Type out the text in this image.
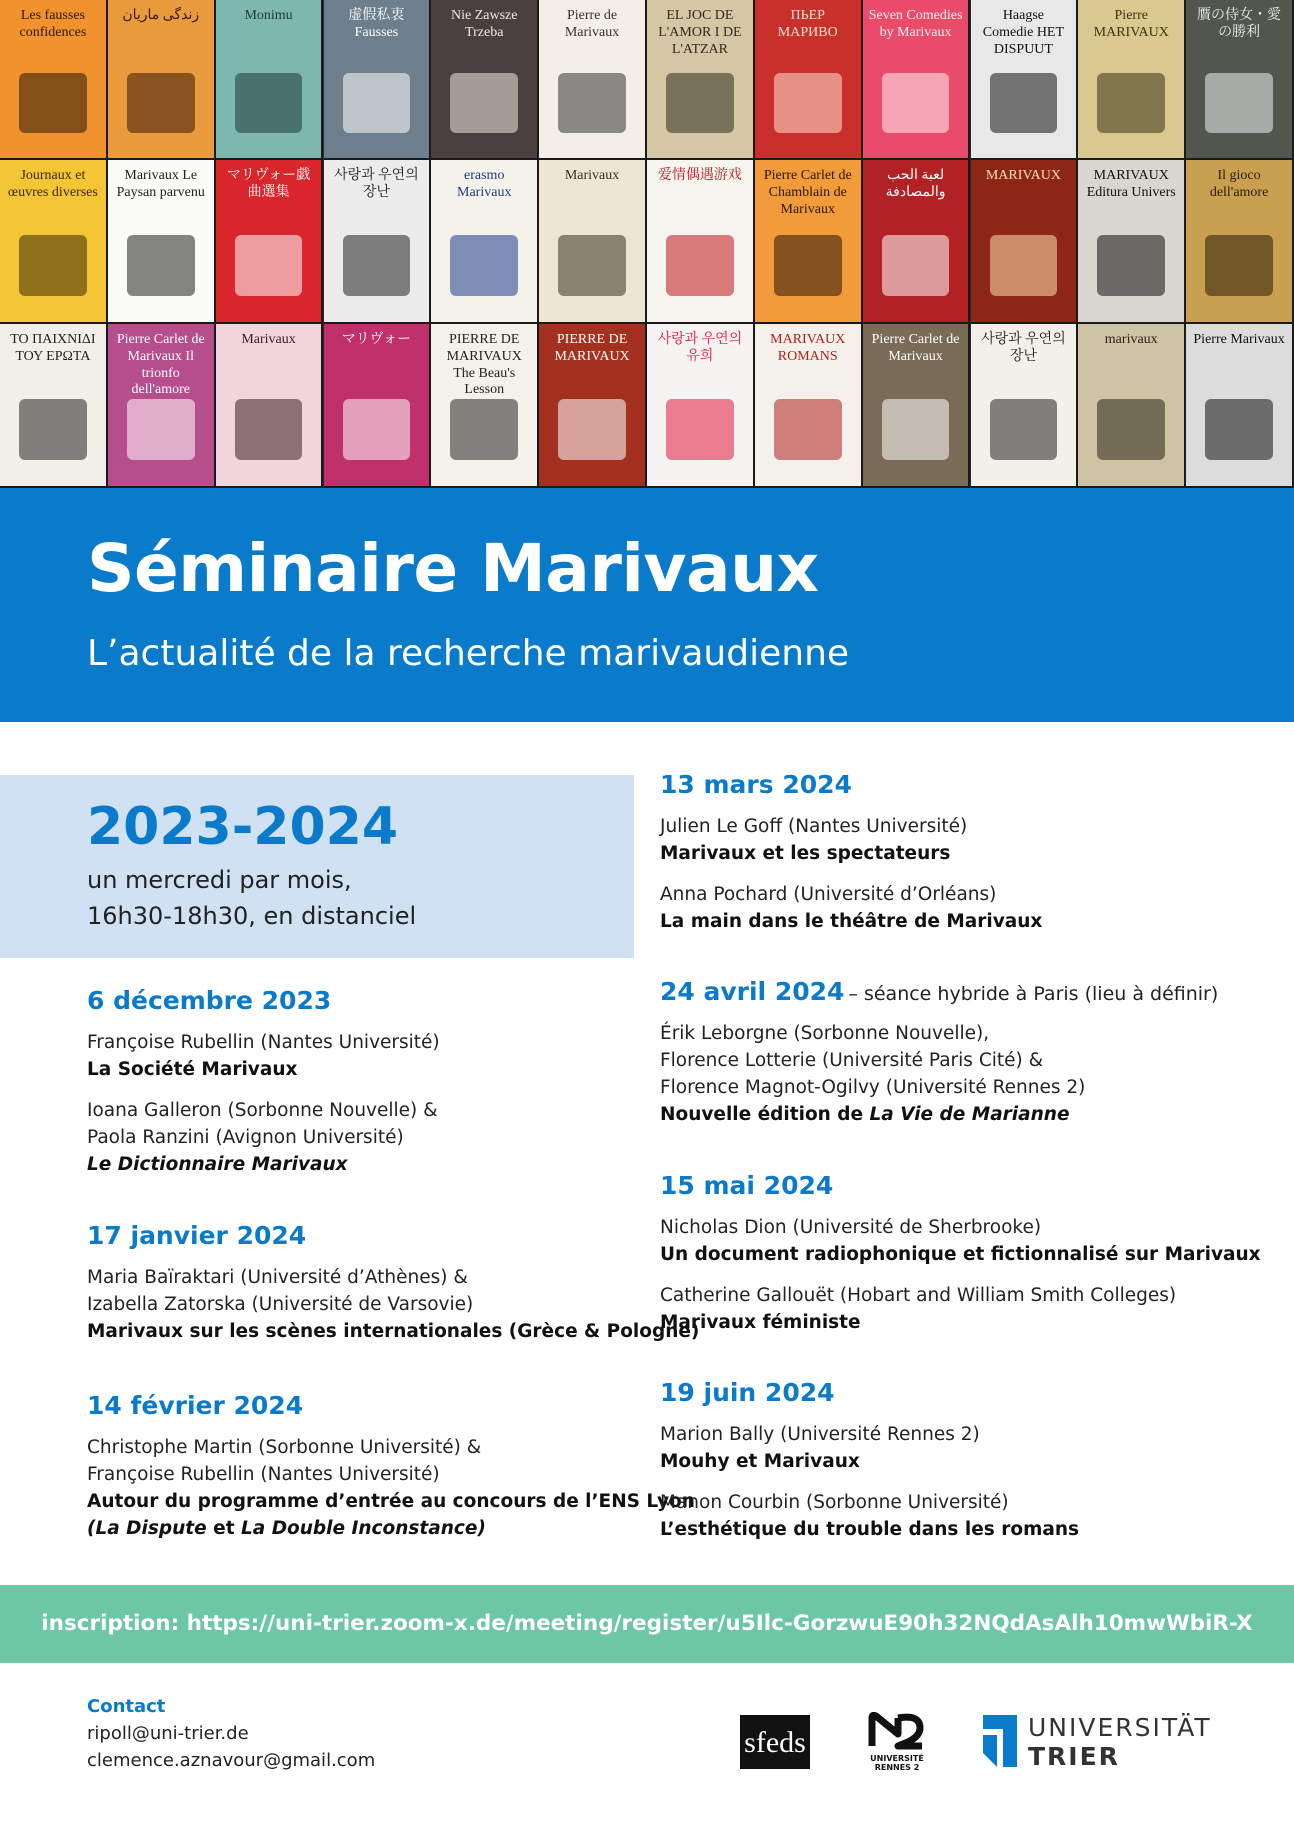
Les fausses confidences
زندگى ماريان	Monimu	虚假私衷 Fausses
Nie Zawsze Trzeba
Pierre de Marivaux
EL JOC DE L'AMOR I DE L'ATZAR
ПЬЕР МАРИВО
Seven Comedies by Marivaux
Haagse Comedie HET DISPUUT
Pierre MARIVAUX
贋の侍女・愛の勝利
Journaux et œuvres diverses
Marivaux Le Paysan parvenu
マリヴォー戯曲選集
사랑과 우연의 장난
erasmo Marivaux
Marivaux	爱情偶遇游戏	Pierre Carlet de Chamblain de Marivaux
لعبة الحب والمصادفة
MARIVAUX	MARIVAUX Editura Univers
Il gioco dell'amore
ΤΟ ΠΑΙΧΝΙΔΙ ΤΟΥ ΕΡΩΤΑ
Pierre Carlet de Marivaux Il trionfo dell'amore
Marivaux	マリヴォー	PIERRE DE MARIVAUX The Beau's Lesson
PIERRE DE MARIVAUX
사랑과 우연의 유희
MARIVAUX ROMANS
Pierre Carlet de Marivaux
사랑과 우연의 장난
marivaux	Pierre Marivaux
Séminaire Marivaux
L’actualité de la recherche marivaudienne
2023-2024
un mercredi par mois,
16h30-18h30, en distanciel
6 décembre 2023
Françoise Rubellin (Nantes Université)
La Société Marivaux
Ioana Galleron (Sorbonne Nouvelle) &
Paola Ranzini (Avignon Université)
Le Dictionnaire Marivaux
17 janvier 2024
Maria Baïraktari (Université d’Athènes) &
Izabella Zatorska (Université de Varsovie)
Marivaux sur les scènes internationales (Grèce & Pologne)
14 février 2024
Christophe Martin (Sorbonne Université) &
Françoise Rubellin (Nantes Université)
Autour du programme d’entrée au concours de l’ENS Lyon
(La Dispute et La Double Inconstance)
13 mars 2024
Julien Le Goff (Nantes Université)
Marivaux et les spectateurs
Anna Pochard (Université d’Orléans)
La main dans le théâtre de Marivaux
24 avril 2024 – séance hybride à Paris (lieu à définir)
Érik Leborgne (Sorbonne Nouvelle),
Florence Lotterie (Université Paris Cité) &
Florence Magnot-Ogilvy (Université Rennes 2)
Nouvelle édition de La Vie de Marianne
15 mai 2024
Nicholas Dion (Université de Sherbrooke)
Un document radiophonique et fictionnalisé sur Marivaux
Catherine Gallouët (Hobart and William Smith Colleges)
Marivaux féministe
19 juin 2024
Marion Bally (Université Rennes 2)
Mouhy et Marivaux
Manon Courbin (Sorbonne Université)
L’esthétique du trouble dans les romans
inscription: https://uni-trier.zoom-x.de/meeting/register/u5Ilc-GorzwuE90h32NQdAsAlh10mwWbiR-X
Contact
ripoll@uni-trier.de
clemence.aznavour@gmail.com
sfeds	UNIVERSITÉ
RENNES 2
UNIVERSITÄT
TRIER
